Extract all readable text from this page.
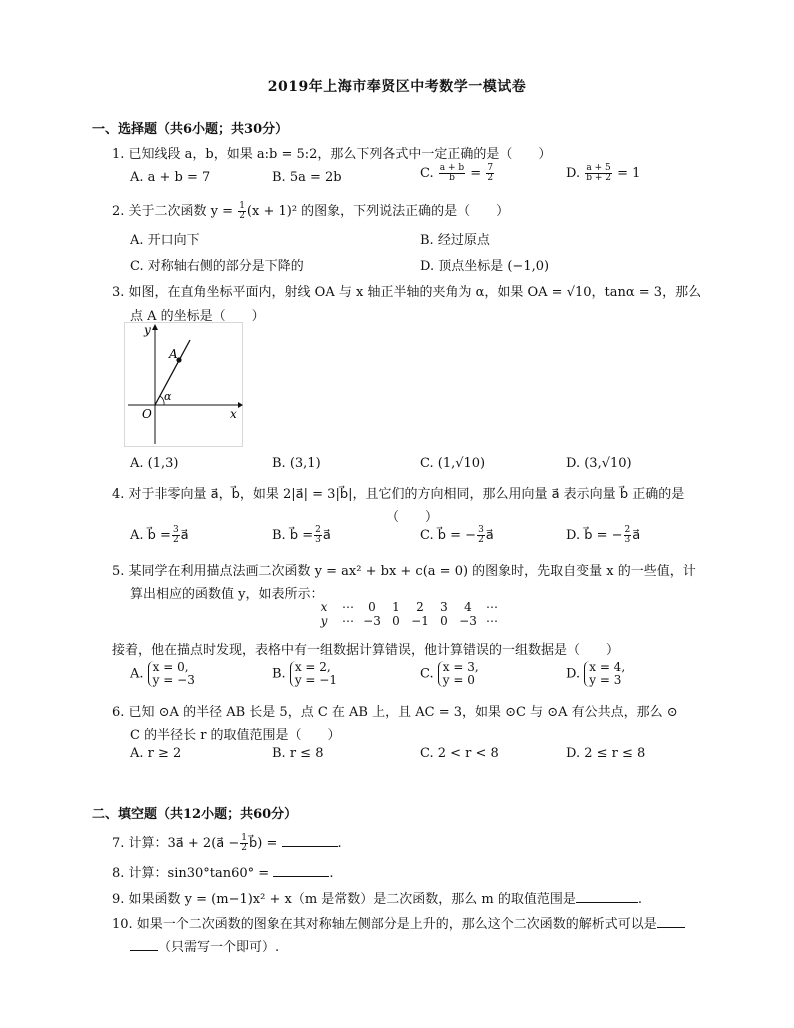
2019年上海市奉贤区中考数学一模试卷
一、选择题（共6小题；共30分）
1. 已知线段 a，b，如果 a:b = 5:2，那么下列各式中一定正确的是（　　）
A. a + b = 7	B. 5a = 2b	C. $\frac{a + b}{b} = \frac{7}{2}$	D. $\frac{a + 5}{b + 2} = 1$
2. 关于二次函数 $y = \frac{1}{2} (x + 1)^2$ 的图象，下列说法正确的是（　　）
A. 开口向下	B. 经过原点
C. 对称轴右侧的部分是下降的	D. 顶点坐标是 (−1,0)
3. 如图，在直角坐标平面内，射线 OA 与 x 轴正半轴的夹角为 α，如果 OA = √10，tanα = 3，那么
点 A 的坐标是（　　）
y
x
O
A
α
A. (1,3)	B. (3,1)	C. (1,√10)	D. (3,√10)
4. 对于非零向量 a⃗，b⃗，如果 2|a⃗| = 3|b⃗|，且它们的方向相同，那么用向量 a⃗ 表示向量 b⃗ 正确的是
（　　）
A. b⃗ = $\frac{3}{2}$ a⃗	B. b⃗ = $\frac{2}{3}$ a⃗	C. b⃗ = − $\frac{3}{2}$ a⃗	D. b⃗ = − $\frac{2}{3}$ a⃗
5. 某同学在利用描点法画二次函数 y = ax² + bx + c(a = 0) 的图象时，先取自变量 x 的一些值，计
算出相应的函数值 y，如表所示：
x	⋯	0	1	2	3	4	⋯
y	⋯ −3 0 −1 0 −3 ⋯
接着，他在描点时发现，表格中有一组数据计算错误，他计算错误的一组数据是（　　）
A. x = 0,
y = −3	B. x = 2,
y = −1	C. x = 3,
y = 0	D. x = 4,
y = 3
6. 已知 ⊙A 的半径 AB 长是 5，点 C 在 AB 上，且 AC = 3，如果 ⊙C 与 ⊙A 有公共点，那么 ⊙
C 的半径长 r 的取值范围是（　　）
A. r ≥ 2	B. r ≤ 8	C. 2 < r < 8	D. 2 ≤ r ≤ 8
二、填空题（共12小题；共60分）
7. 计算：3a⃗ + 2(a⃗ − $\frac{1}{2}$ b⃗) =	.
8. 计算：sin30°tan60° =	.
9. 如果函数 y = (m−1)x² + x（m 是常数）是二次函数，那么 m 的取值范围是	.
10. 如果一个二次函数的图象在其对称轴左侧部分是上升的，那么这个二次函数的解析式可以是
（只需写一个即可）.
